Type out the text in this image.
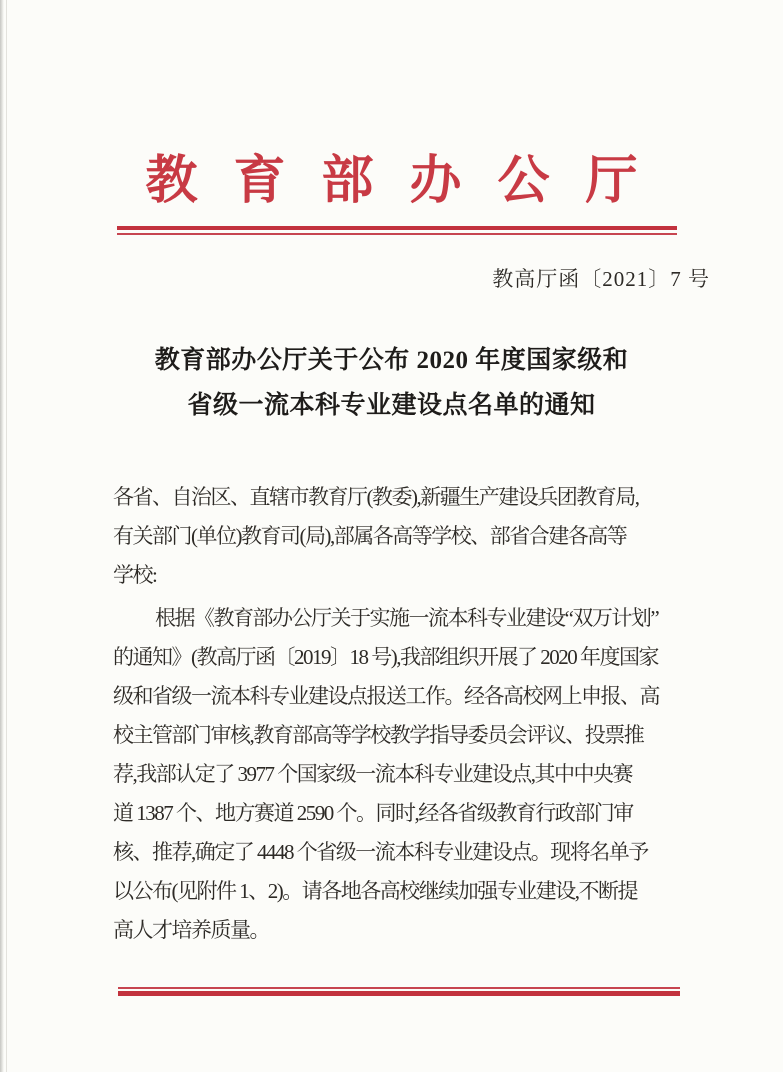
教育部办公厅
教高厅函〔2021〕7 号
教育部办公厅关于公布 2020 年度国家级和
省级一流本科专业建设点名单的通知
各省、自治区、直辖市教育厅(教委),新疆生产建设兵团教育局,
有关部门(单位)教育司(局),部属各高等学校、部省合建各高等
学校:
根据《教育部办公厅关于实施一流本科专业建设“双万计划”
的通知》(教高厅函〔2019〕18 号),我部组织开展了 2020 年度国家
级和省级一流本科专业建设点报送工作。经各高校网上申报、高
校主管部门审核,教育部高等学校教学指导委员会评议、投票推
荐,我部认定了 3977 个国家级一流本科专业建设点,其中中央赛
道 1387 个、地方赛道 2590 个。同时,经各省级教育行政部门审
核、推荐,确定了 4448 个省级一流本科专业建设点。现将名单予
以公布(见附件 1、2)。请各地各高校继续加强专业建设,不断提
高人才培养质量。
